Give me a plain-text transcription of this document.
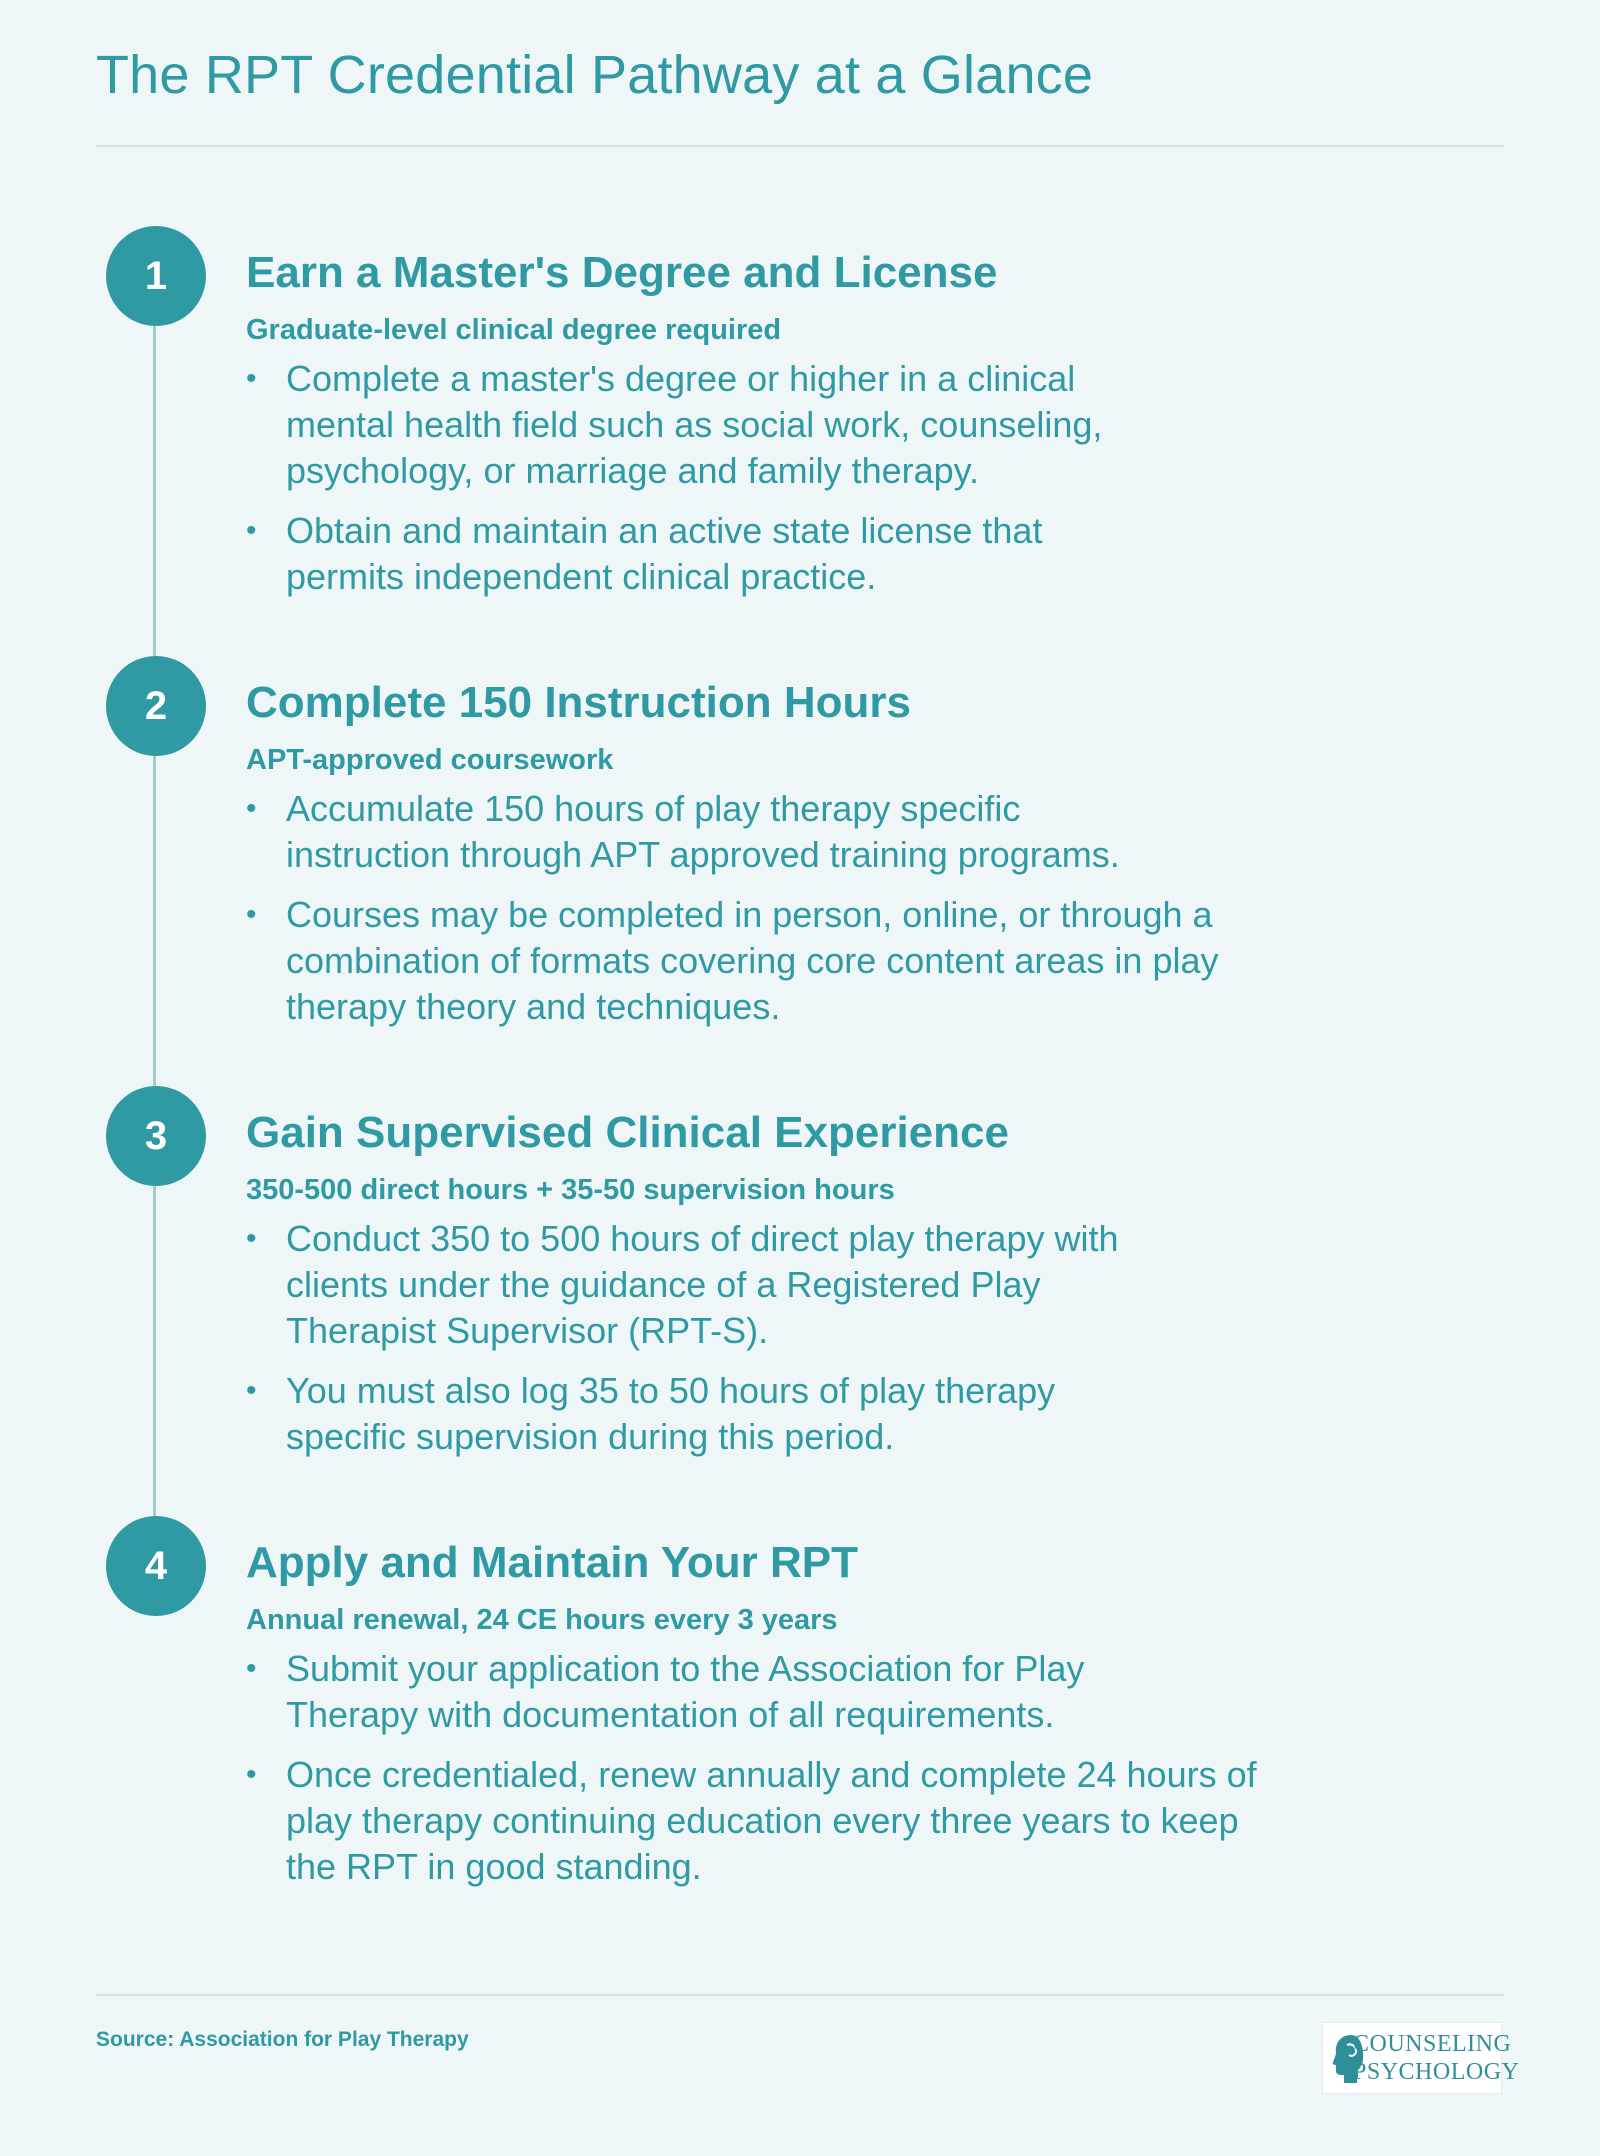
The RPT Credential Pathway at a Glance
1	Earn a Master's Degree and License
Graduate-level clinical degree required
• Complete a master's degree or higher in a clinical mental health field such as social work, counseling, psychology, or marriage and family therapy.
• Obtain and maintain an active state license that permits independent clinical practice.
2	Complete 150 Instruction Hours
APT-approved coursework
• Accumulate 150 hours of play therapy specific instruction through APT approved training programs.
• Courses may be completed in person, online, or through a combination of formats covering core content areas in play therapy theory and techniques.
3	Gain Supervised Clinical Experience
350-500 direct hours + 35-50 supervision hours
• Conduct 350 to 500 hours of direct play therapy with clients under the guidance of a Registered Play Therapist Supervisor (RPT-S).
• You must also log 35 to 50 hours of play therapy specific supervision during this period.
4	Apply and Maintain Your RPT
Annual renewal, 24 CE hours every 3 years
• Submit your application to the Association for Play Therapy with documentation of all requirements.
• Once credentialed, renew annually and complete 24 hours of play therapy continuing education every three years to keep the RPT in good standing.
Source: Association for Play Therapy	COUNSELING
PSYCHOLOGY
